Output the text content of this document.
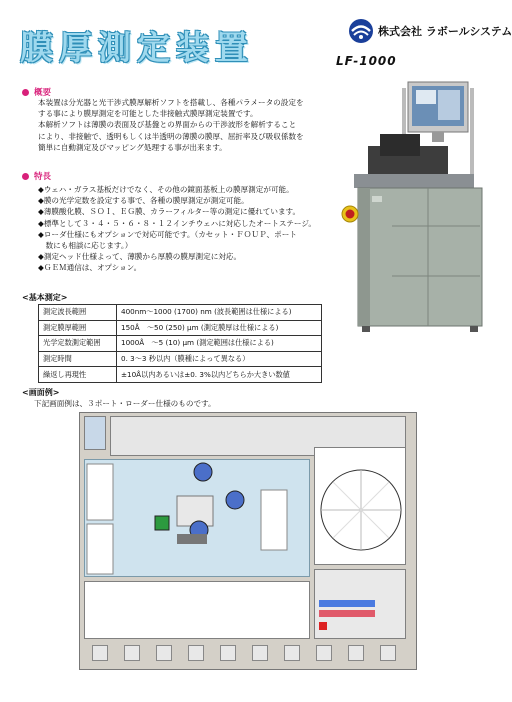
膜厚測定装置	株式会社 ラボールシステム
LF-1000
概要
本装置は分光器と光干渉式膜厚解析ソフトを搭載し、各種パラメータの設定を
する事により膜厚測定を可能とした非接触式膜厚測定装置です。
本解析ソフトは薄膜の表面及び基盤との界面からの干渉波形を解析すること
により、非接触で、透明もしくは半透明の薄膜の膜厚、屈折率及び吸収係数を
簡単に自動測定及びマッピング処理する事が出来ます。
特長
◆ウェハ・ガラス基板だけでなく、その他の鏡面基板上の膜厚測定が可能。
◆膜の光学定数を設定する事で、各種の膜厚測定が測定可能。
◆薄膜酸化膜、ＳＯＩ、ＥＧ膜、カラーフィルター等の測定に優れています。
◆標準として３・４・５・６・８・１２インチウェハに対応したオートステージ。
◆ローダ仕様にもオプションで対応可能です。（カセット・ＦＯＵＰ、ポート
　数にも相談に応じます。）
◆測定ヘッド仕様よって、薄膜から厚膜の膜厚測定に対応。
◆ＧＥＭ通信は、オプション。
<基本測定>
測定波長範囲	400nm～1000 (1700) nm (波長範囲は仕様による)
測定膜厚範囲	150Å　～50 (250) μm (測定膜厚は仕様による)
光学定数測定範囲	1000Å　～5 (10) μm (測定範囲は仕様による)
測定時間	0. 3～3 秒以内（膜種によって異なる）
繰返し再現性	±10Å以内あるいは±0. 3%以内どちらか大きい数値
<画面例>
下記画面例は、３ポート・ローダー仕様のものです。
